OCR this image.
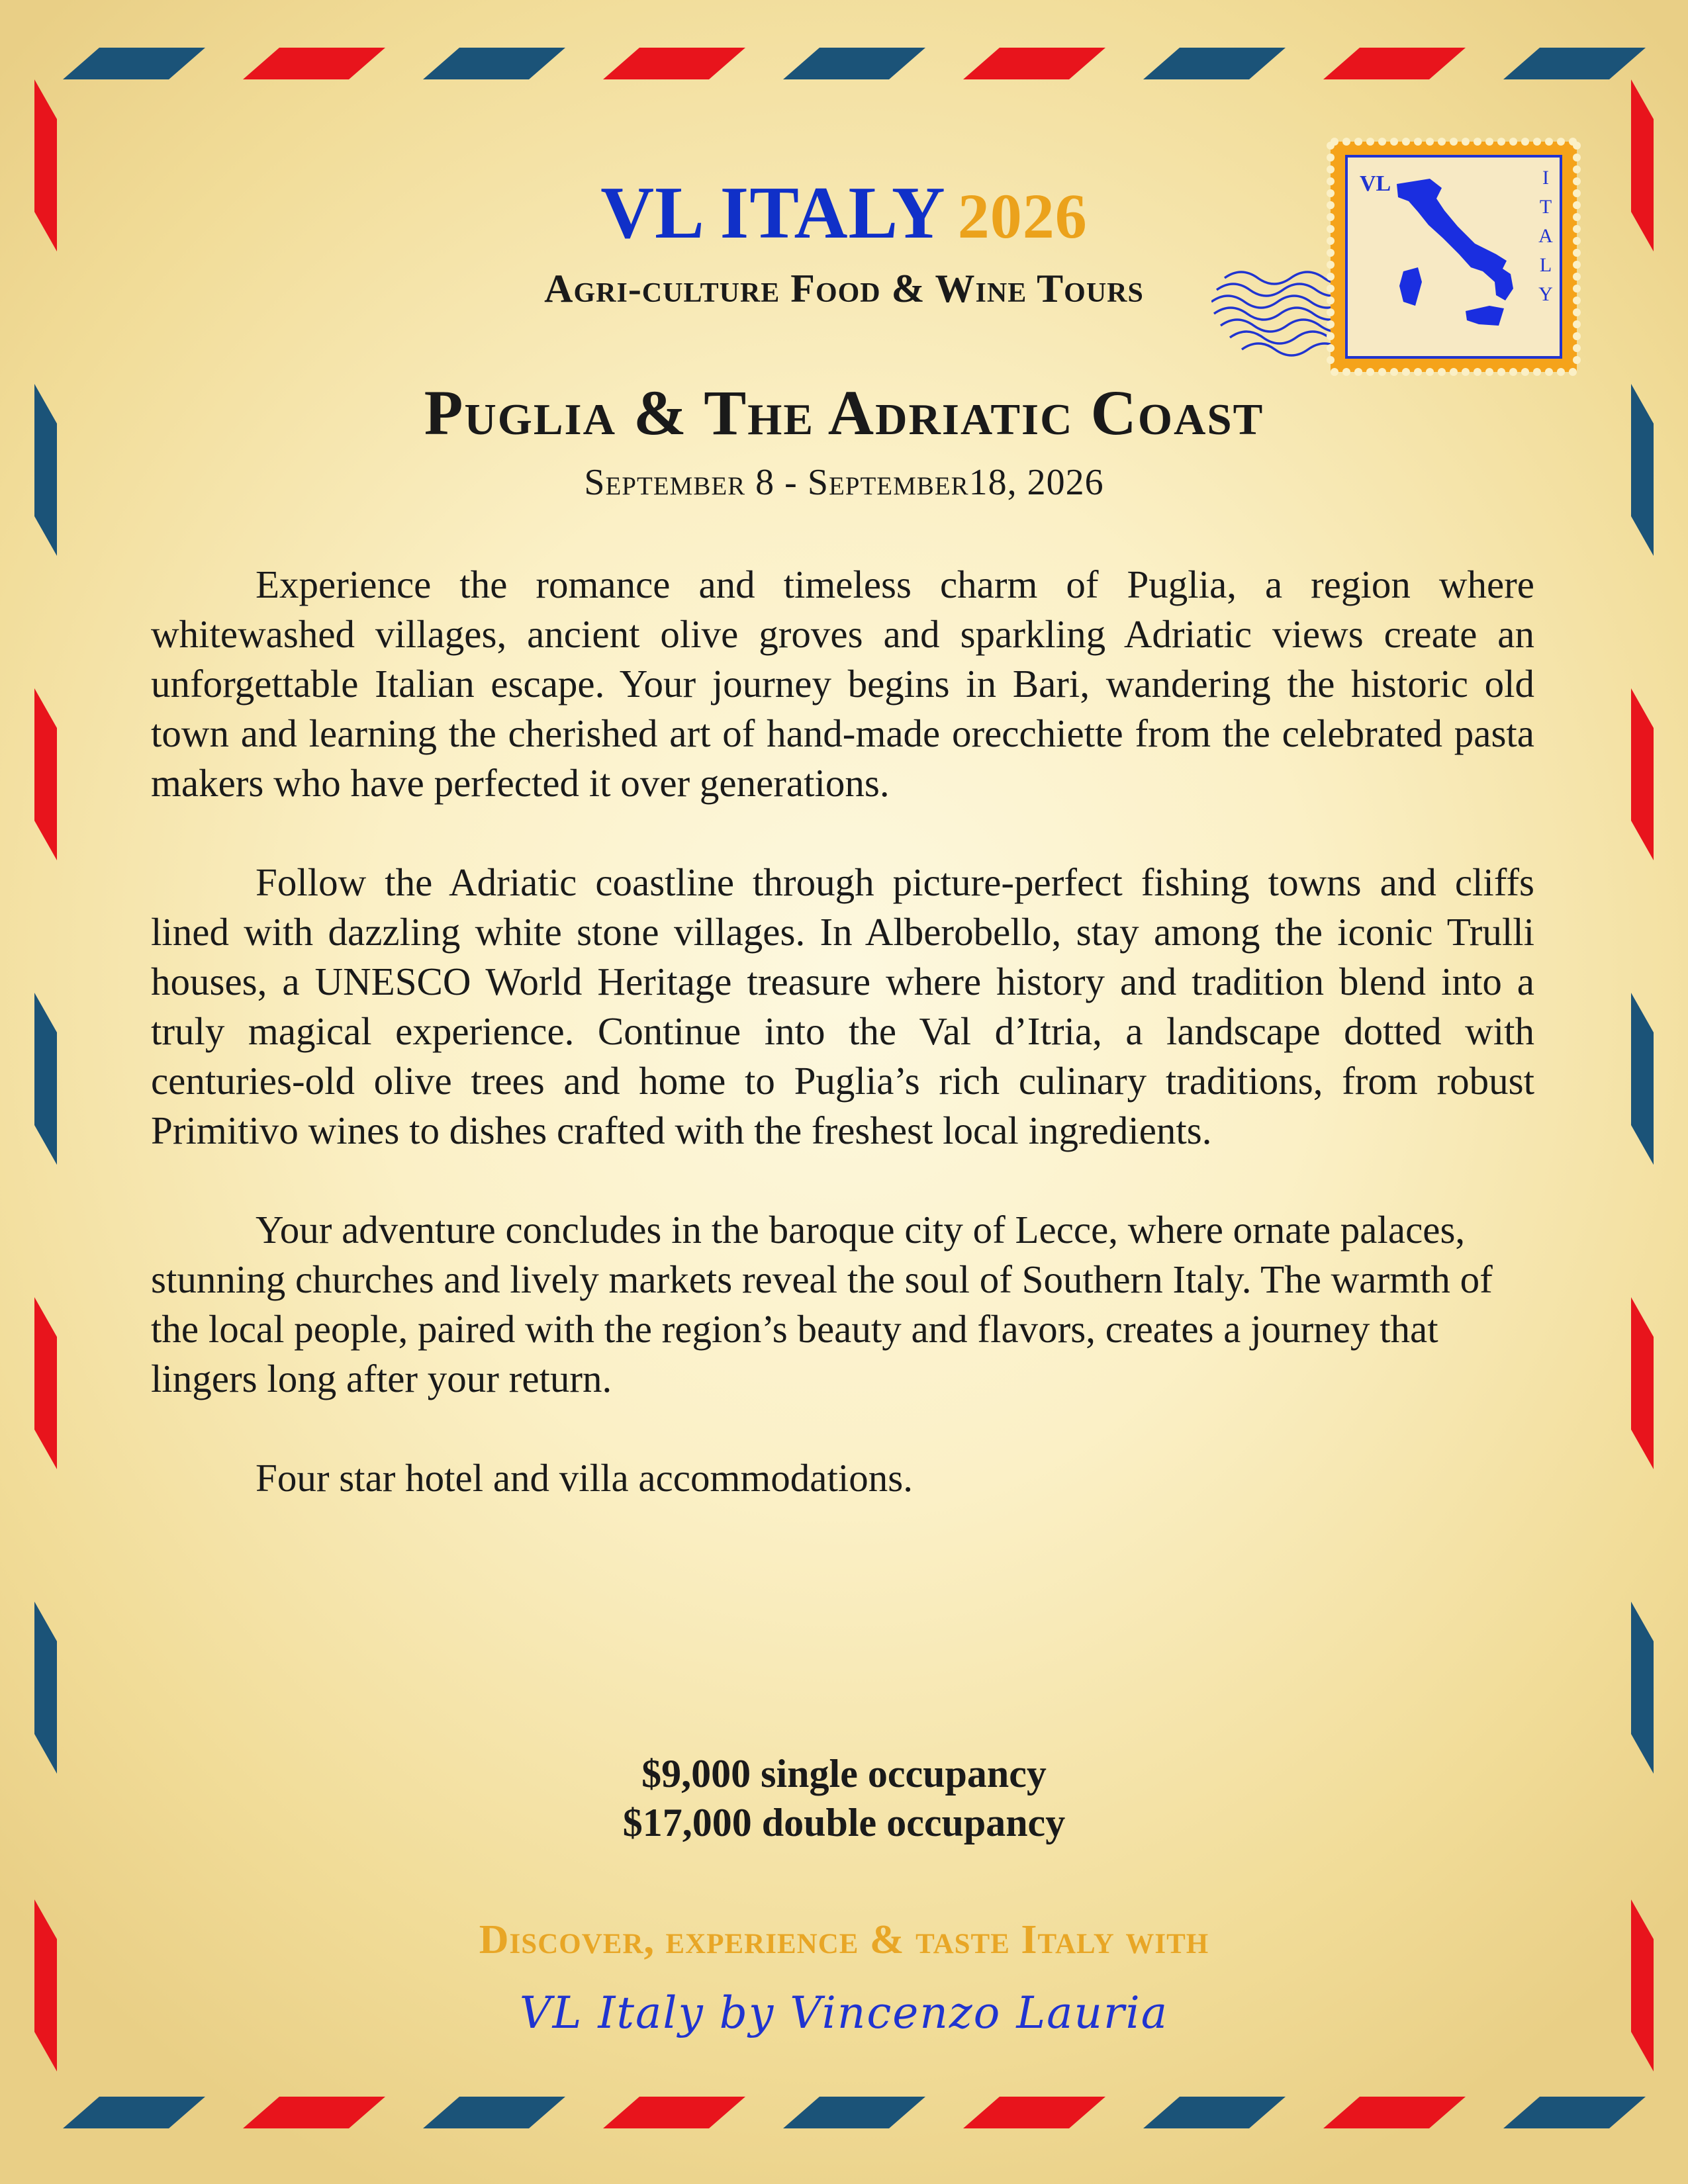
VL	I
T
A
L
Y
VL ITALY 2026
Agri-culture Food & Wine Tours
Puglia & The Adriatic Coast
September 8 - September18, 2026

Experience the romance and timeless charm of Puglia, a region where whitewashed villages, ancient olive groves and sparkling Adriatic views create an unforgettable Italian escape. Your journey begins in Bari, wandering the historic old town and learning the cherished art of hand-made orecchiette from the celebrated pasta makers who have perfected it over generations.

Follow the Adriatic coastline through picture-perfect fishing towns and cliffs lined with dazzling white stone villages. In Alberobello, stay among the iconic Trulli houses, a UNESCO World Heritage treasure where history and tradition blend into a truly magical experience. Continue into the Val d’Itria, a landscape dotted with centuries-old olive trees and home to Puglia’s rich culinary traditions, from robust Primitivo wines to dishes crafted with the freshest local ingredients.

Your adventure concludes in the baroque city of Lecce, where ornate palaces, stunning churches and lively markets reveal the soul of Southern Italy. The warmth of the local people, paired with the region’s beauty and flavors, creates a journey that lingers long after your return.

Four star hotel and villa accommodations.

$9,000 single occupancy
$17,000 double occupancy
Discover, experience & taste Italy with
VL Italy by Vincenzo Lauria
